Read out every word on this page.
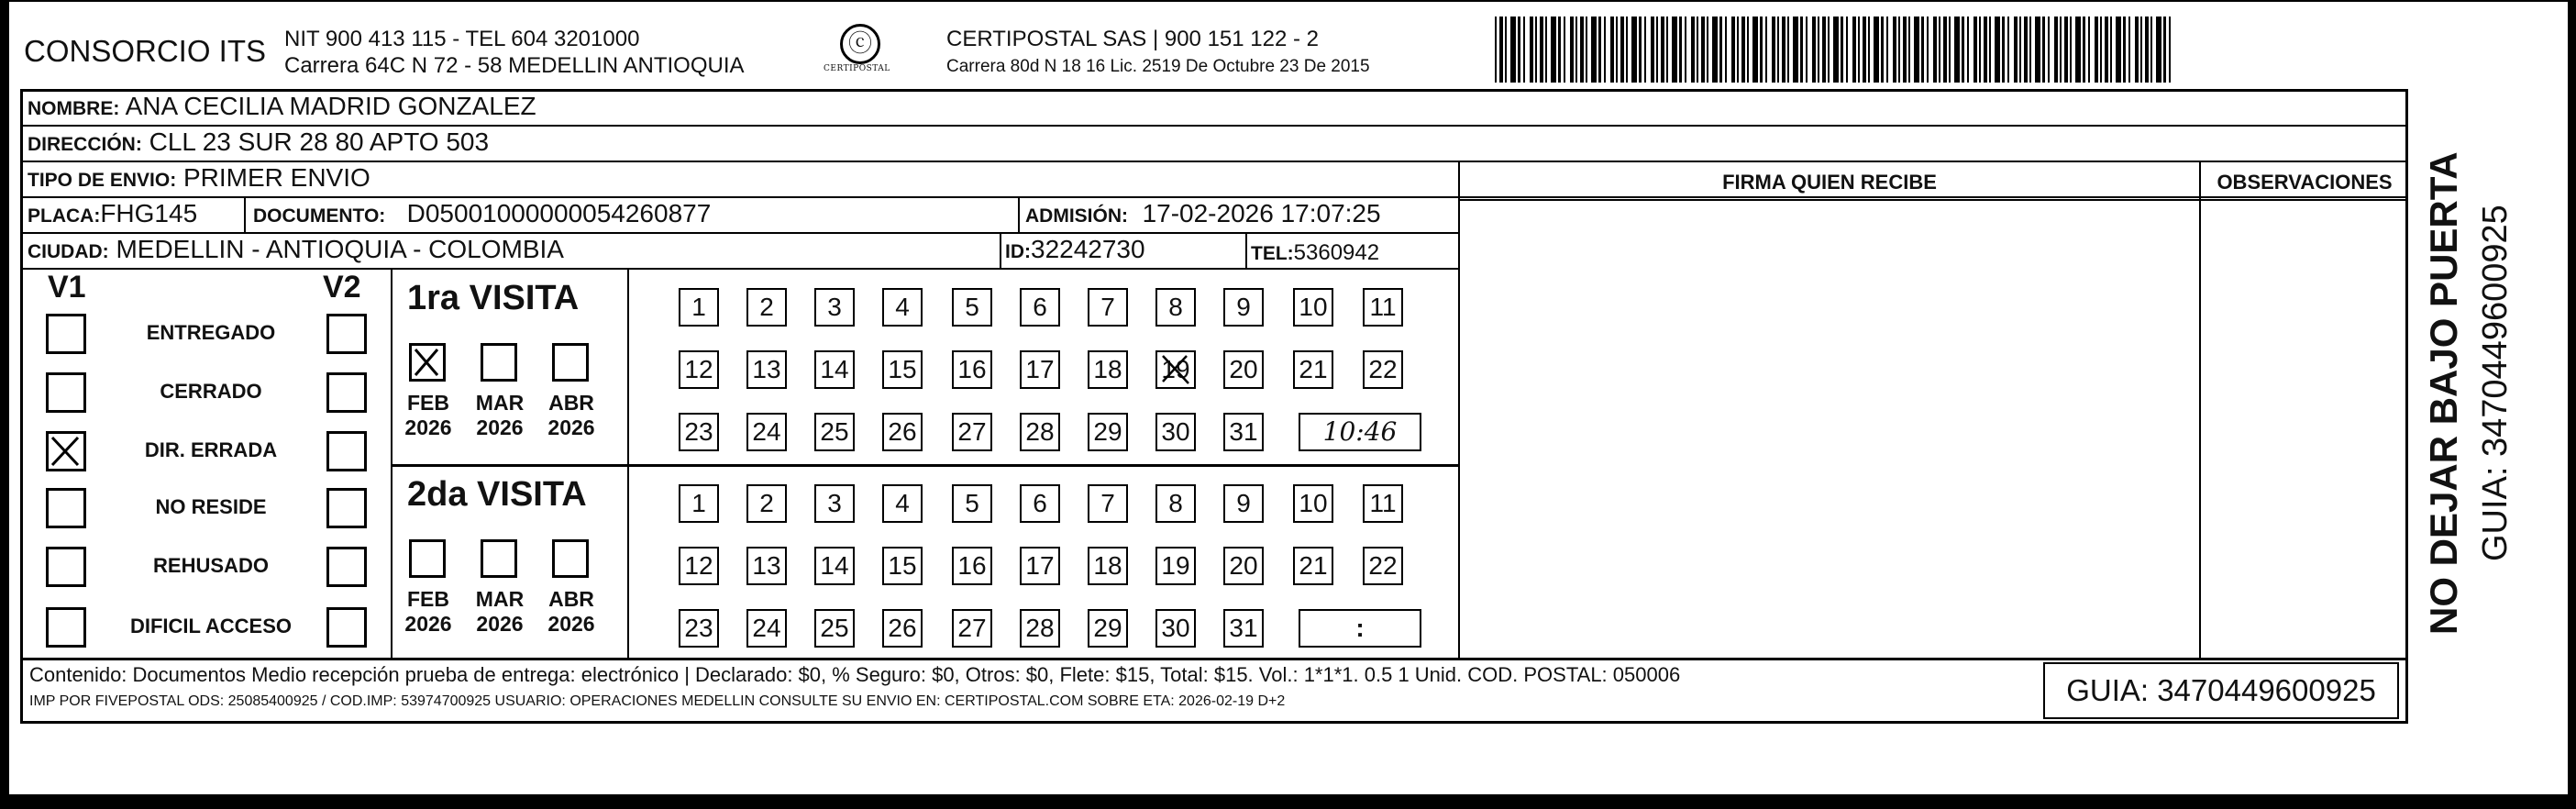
CONSORCIO ITS NIT 900 413 115 - TEL 604 3201000
Carrera 64C N 72 - 58 MEDELLIN ANTIOQUIA
ⓒ
CERTIPOSTAL
CERTIPOSTAL SAS | 900 151 122 - 2
Carrera 80d N 18 16 Lic. 2519 De Octubre 23 De 2015
NOMBRE: ANA CECILIA MADRID GONZALEZ
DIRECCIÓN: CLL 23 SUR 28 80 APTO 503
TIPO DE ENVIO: PRIMER ENVIO
PLACA:FHG145	DOCUMENTO: D05001000000054260877	ADMISIÓN: 17-02-2026 17:07:25
CIUDAD: MEDELLIN - ANTIOQUIA - COLOMBIA	ID:32242730	TEL:5360942
FIRMA QUIEN RECIBE	OBSERVACIONES
V1	V2
ENTREGADO
CERRADO
DIR. ERRADA
NO RESIDE
REHUSADO
DIFICIL ACCESO
1ra VISITA
FEB
2026
MAR
2026
ABR
2026
1	2	3	4	5	6	7	8	9	10 11
12 13 14 15 16 17 18 19 20 21 22
23 24 25 26 27 28 29 30 31	10:46
2da VISITA
FEB
2026
MAR
2026
ABR
2026
1	2	3	4	5	6	7	8	9	10 11
12 13 14 15 16 17 18 19 20 21 22
23 24 25 26 27 28 29 30 31	:
Contenido: Documentos Medio recepción prueba de entrega: electrónico | Declarado: $0, % Seguro: $0, Otros: $0, Flete: $15, Total: $15. Vol.: 1*1*1. 0.5 1 Unid. COD. POSTAL: 050006
IMP POR FIVEPOSTAL ODS: 25085400925 / COD.IMP: 53974700925 USUARIO: OPERACIONES MEDELLIN CONSULTE SU ENVIO EN: CERTIPOSTAL.COM SOBRE ETA: 2026-02-19 D+2	GUIA: 3470449600925
NO DEJAR BAJO PUERTA GUIA: 3470449600925
